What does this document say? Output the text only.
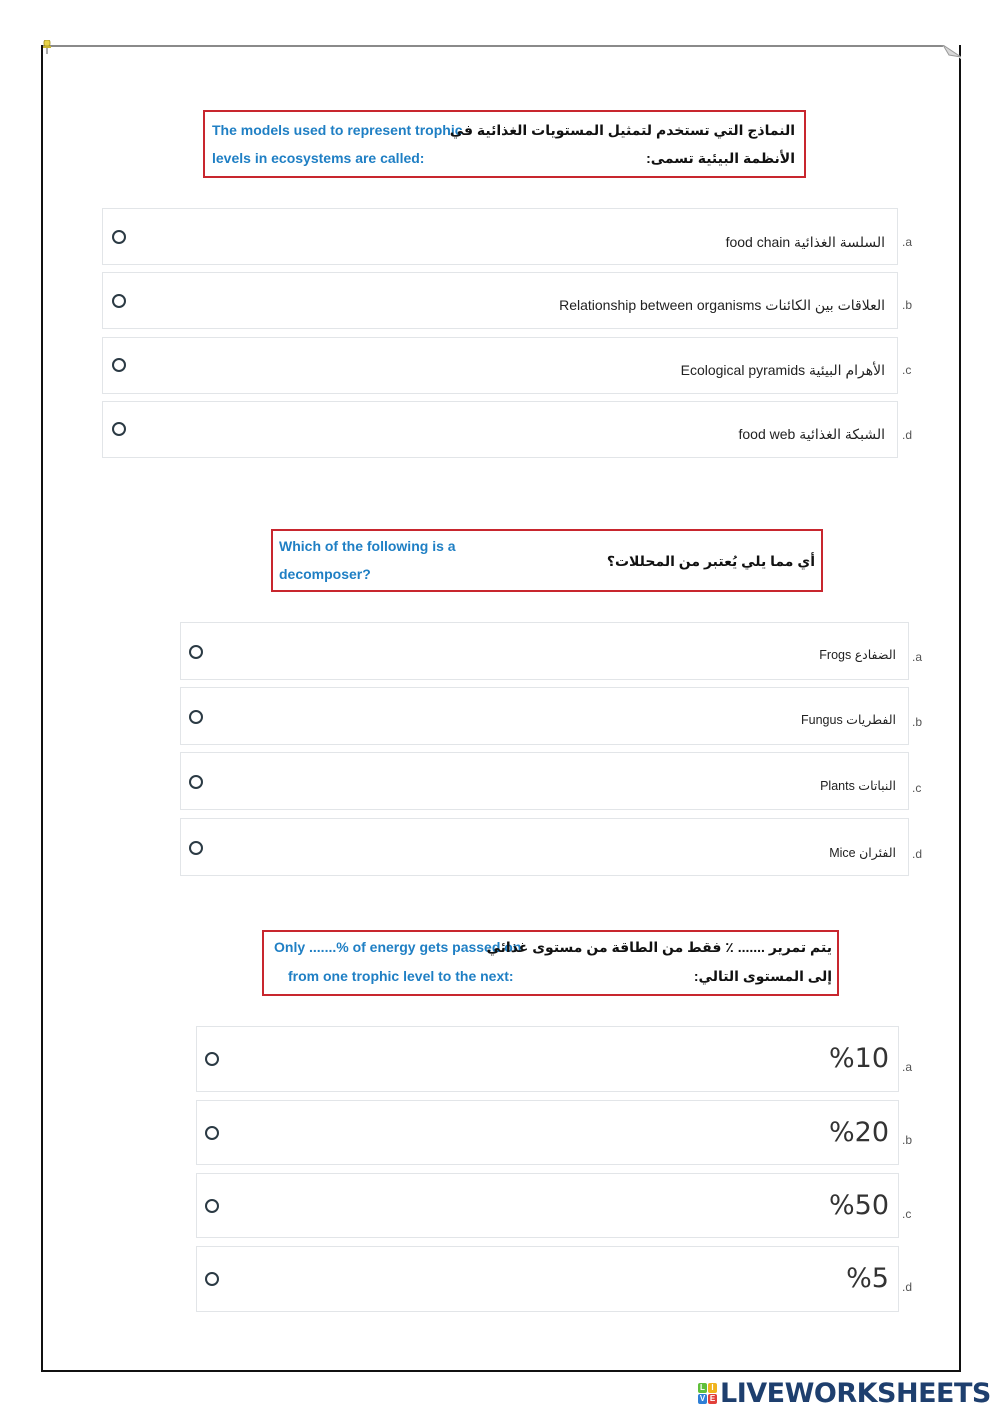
The models used to represent trophic
levels in ecosystems are called:
النماذج التي تستخدم لتمثيل المستويات الغذائية في
الأنظمة البيئية تسمى:
السلسة الغذائية food chain a.
العلاقات بين الكائنات Relationship between organisms b.
الأهرام البيئية Ecological pyramids c.
الشبكة الغذائية food web d.
Which of the following is a
decomposer?
أي مما يلي يُعتبر من المحللات؟
الضفادع Frogs a.
الفطريات Fungus b.
النباتات Plants c.
الفئران Mice d.
Only .......% of energy gets passed on
from one trophic level to the next:
يتم تمرير ....... ٪ فقط من الطاقة من مستوى غذائي
إلى المستوى التالي:
%10 .a
%20 .b
%50 .c
%5 .d
L I
V E LIVEWORKSHEETS
